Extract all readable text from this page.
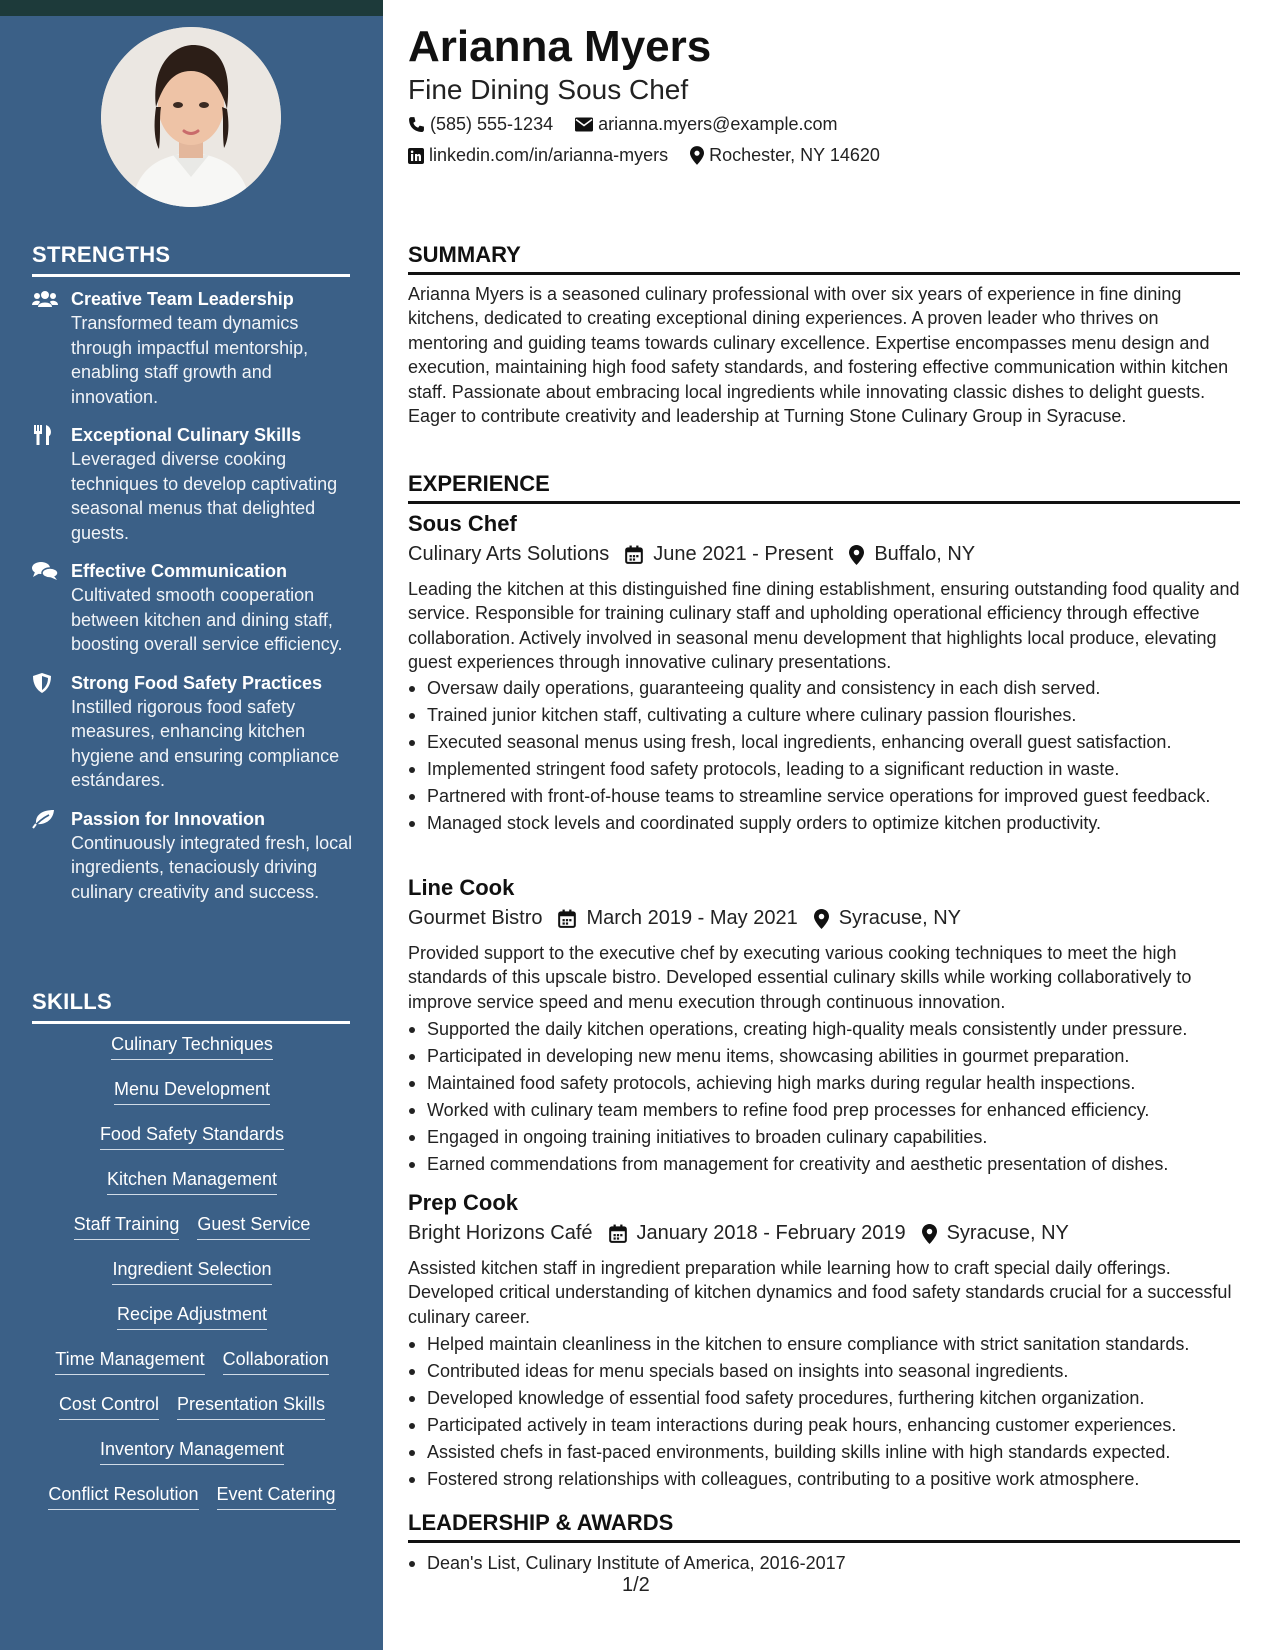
STRENGTHS
Creative Team Leadership
Transformed team dynamics through impactful mentorship, enabling staff growth and innovation.
Exceptional Culinary Skills
Leveraged diverse cooking techniques to develop captivating seasonal menus that delighted guests.
Effective Communication
Cultivated smooth cooperation between kitchen and dining staff, boosting overall service efficiency.
Strong Food Safety Practices
Instilled rigorous food safety measures, enhancing kitchen hygiene and ensuring compliance estándares.
Passion for Innovation
Continuously integrated fresh, local ingredients, tenaciously driving culinary creativity and success.
SKILLS
Culinary Techniques
Menu Development
Food Safety Standards
Kitchen Management
Staff Training Guest Service
Ingredient Selection
Recipe Adjustment
Time Management Collaboration
Cost Control Presentation Skills
Inventory Management
Conflict Resolution Event Catering
Arianna Myers
Fine Dining Sous Chef
(585) 555-1234	arianna.myers@example.com
linkedin.com/in/arianna-myers Rochester, NY 14620
SUMMARY
Arianna Myers is a seasoned culinary professional with over six years of experience in fine dining kitchens, dedicated to creating exceptional dining experiences. A proven leader who thrives on mentoring and guiding teams towards culinary excellence. Expertise encompasses menu design and execution, maintaining high food safety standards, and fostering effective communication within kitchen staff. Passionate about embracing local ingredients while innovating classic dishes to delight guests. Eager to contribute creativity and leadership at Turning Stone Culinary Group in Syracuse.
EXPERIENCE
Sous Chef
Culinary Arts Solutions June 2021 - Present Buffalo, NY
Leading the kitchen at this distinguished fine dining establishment, ensuring outstanding food quality and service. Responsible for training culinary staff and upholding operational efficiency through effective collaboration. Actively involved in seasonal menu development that highlights local produce, elevating guest experiences through innovative culinary presentations.
Oversaw daily operations, guaranteeing quality and consistency in each dish served.
Trained junior kitchen staff, cultivating a culture where culinary passion flourishes.
Executed seasonal menus using fresh, local ingredients, enhancing overall guest satisfaction.
Implemented stringent food safety protocols, leading to a significant reduction in waste.
Partnered with front-of-house teams to streamline service operations for improved guest feedback.
Managed stock levels and coordinated supply orders to optimize kitchen productivity.
Line Cook
Gourmet Bistro March 2019 - May 2021 Syracuse, NY
Provided support to the executive chef by executing various cooking techniques to meet the high standards of this upscale bistro. Developed essential culinary skills while working collaboratively to improve service speed and menu execution through continuous innovation.
Supported the daily kitchen operations, creating high-quality meals consistently under pressure.
Participated in developing new menu items, showcasing abilities in gourmet preparation.
Maintained food safety protocols, achieving high marks during regular health inspections.
Worked with culinary team members to refine food prep processes for enhanced efficiency.
Engaged in ongoing training initiatives to broaden culinary capabilities.
Earned commendations from management for creativity and aesthetic presentation of dishes.
Prep Cook
Bright Horizons Café January 2018 - February 2019 Syracuse, NY
Assisted kitchen staff in ingredient preparation while learning how to craft special daily offerings. Developed critical understanding of kitchen dynamics and food safety standards crucial for a successful culinary career.
Helped maintain cleanliness in the kitchen to ensure compliance with strict sanitation standards.
Contributed ideas for menu specials based on insights into seasonal ingredients.
Developed knowledge of essential food safety procedures, furthering kitchen organization.
Participated actively in team interactions during peak hours, enhancing customer experiences.
Assisted chefs in fast-paced environments, building skills inline with high standards expected.
Fostered strong relationships with colleagues, contributing to a positive work atmosphere.
LEADERSHIP & AWARDS
Dean's List, Culinary Institute of America, 2016-2017
1/2
